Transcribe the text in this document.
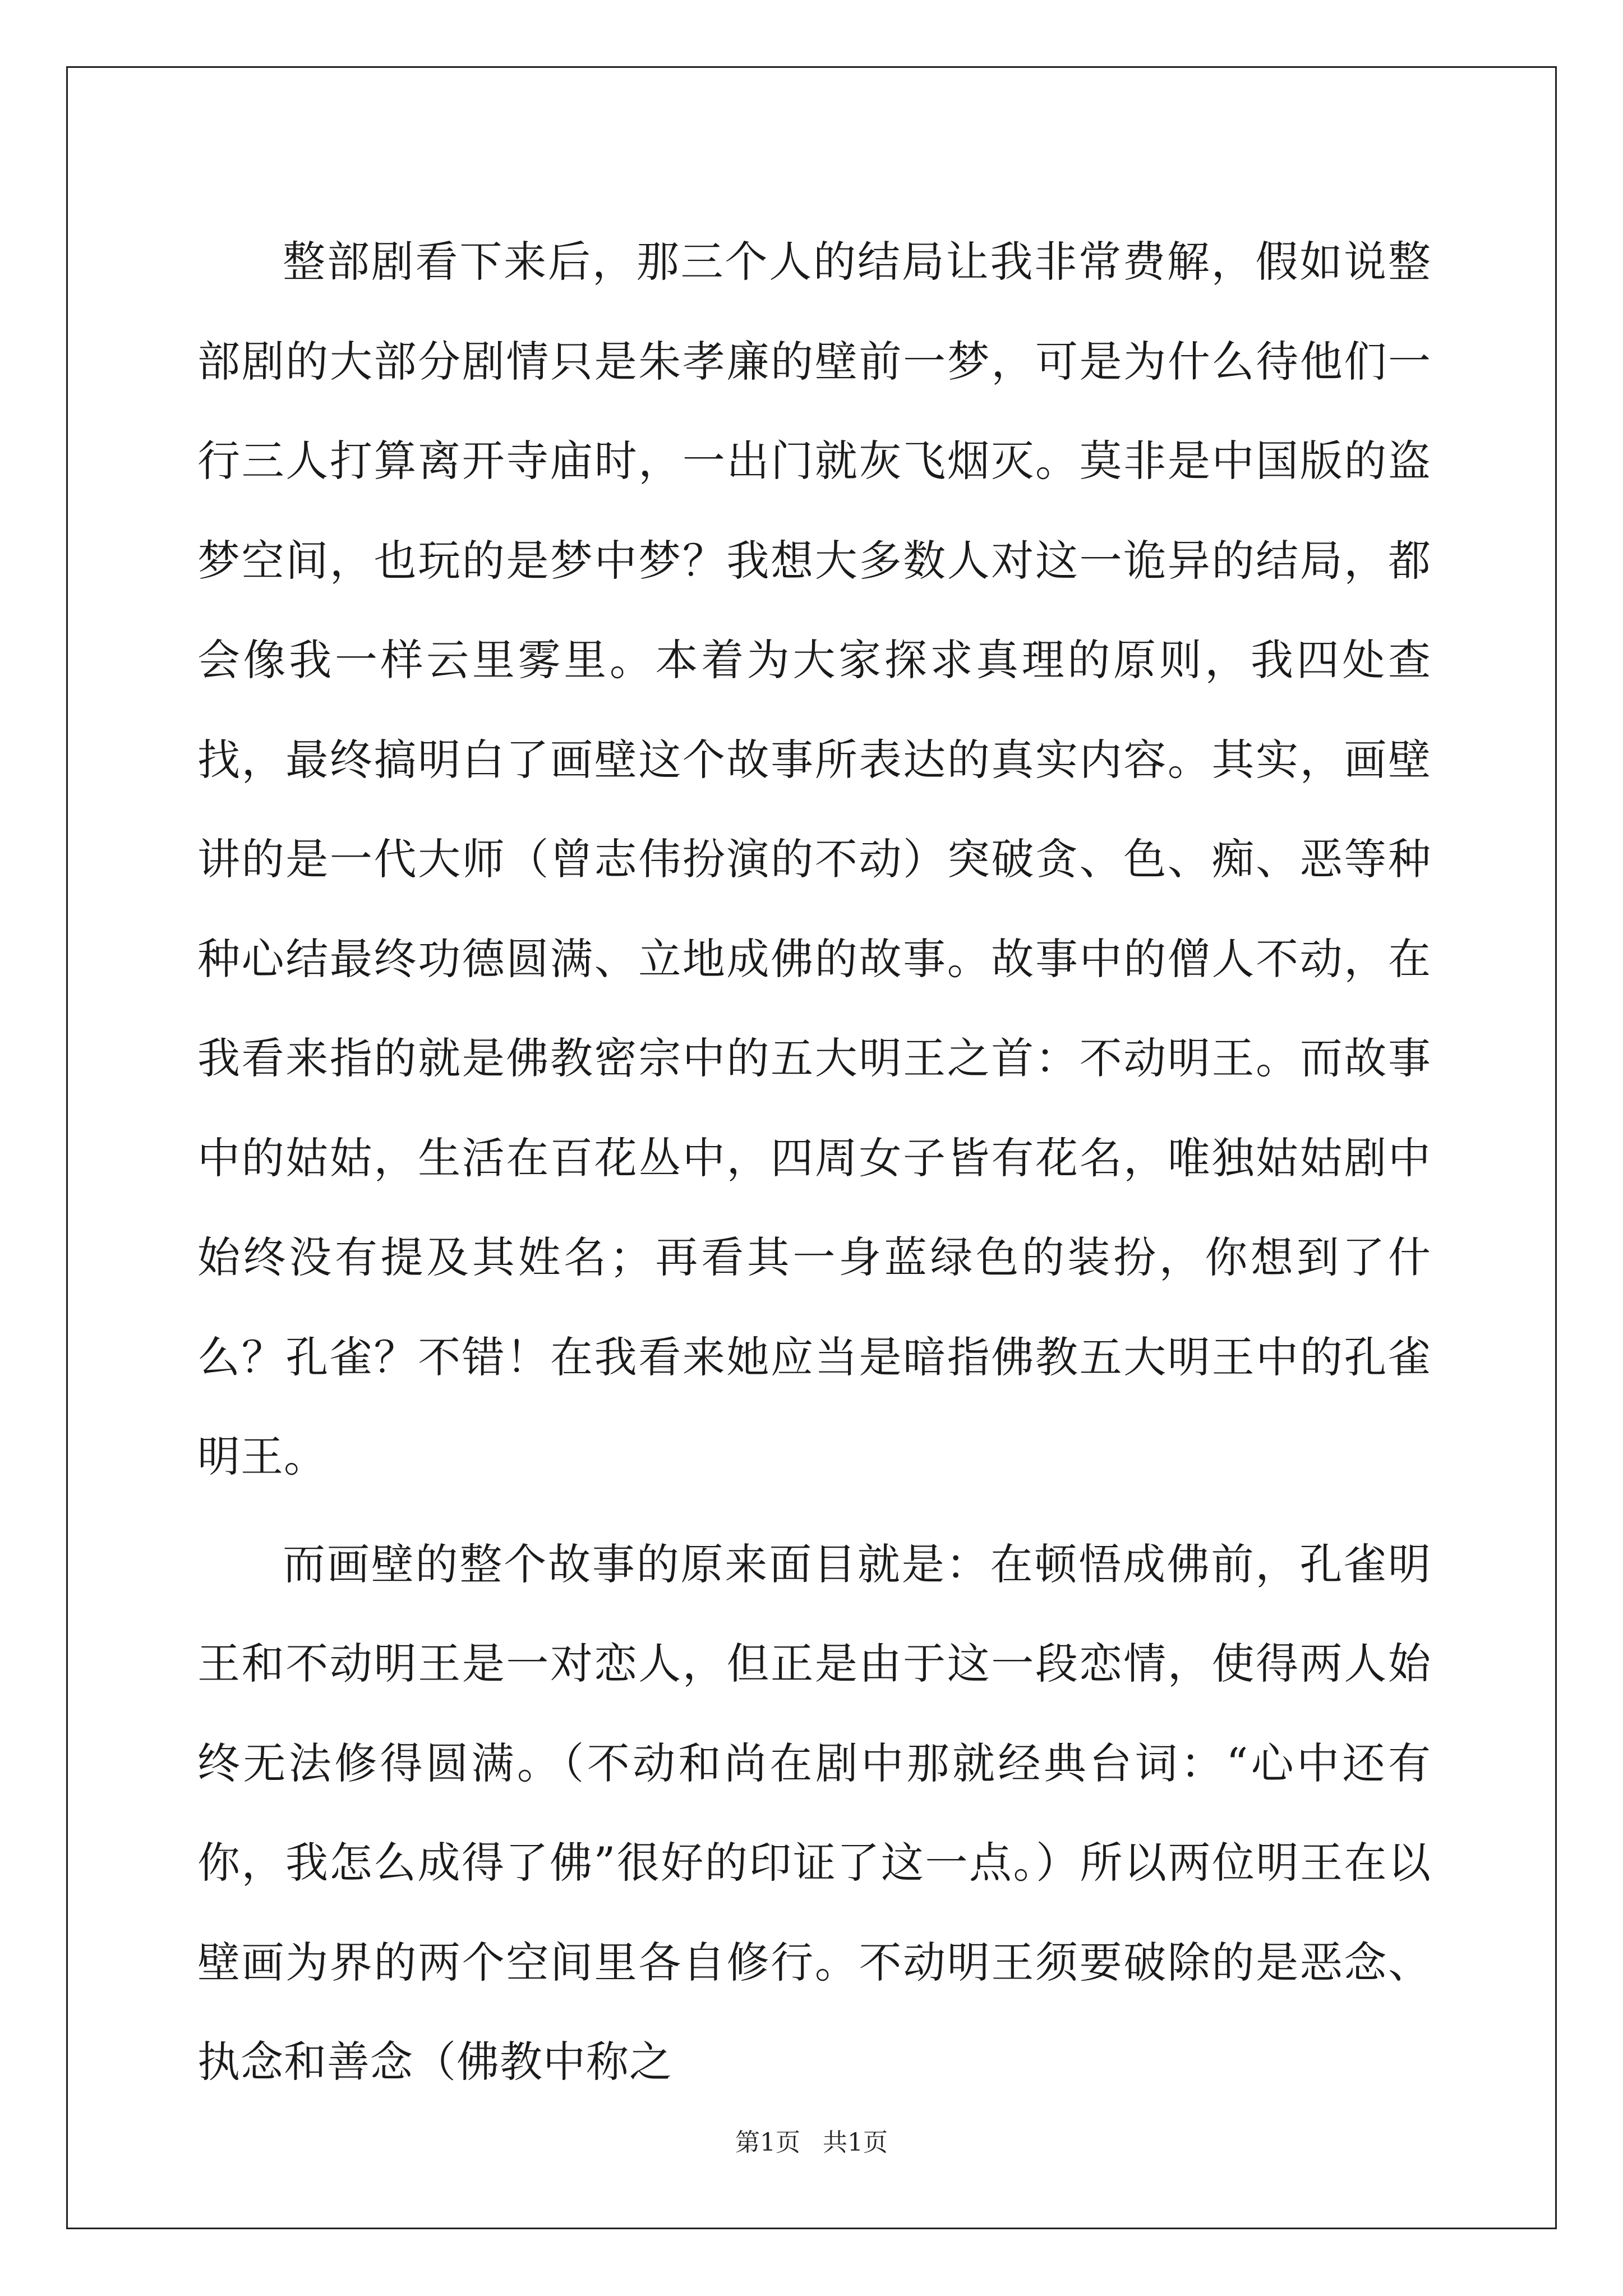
整部剧看下来后，那三个人的结局让我非常费解，假如说整部剧的大部分剧情只是朱孝廉的壁前一梦，可是为什么待他们一行三人打算离开寺庙时，一出门就灰飞烟灭。莫非是中国版的盗梦空间，也玩的是梦中梦？我想大多数人对这一诡异的结局，都会像我一样云里雾里。本着为大家探求真理的原则，我四处查找，最终搞明白了画壁这个故事所表达的真实内容。其实，画壁讲的是一代大师（曾志伟扮演的不动）突破贪、色、痴、恶等种种心结最终功德圆满、立地成佛的故事。故事中的僧人不动，在我看来指的就是佛教密宗中的五大明王之首：不动明王。而故事中的姑姑，生活在百花丛中，四周女子皆有花名，唯独姑姑剧中始终没有提及其姓名；再看其一身蓝绿色的装扮，你想到了什么？孔雀？不错！在我看来她应当是暗指佛教五大明王中的孔雀明王。

而画壁的整个故事的原来面目就是：在顿悟成佛前，孔雀明王和不动明王是一对恋人，但正是由于这一段恋情，使得两人始终无法修得圆满。（不动和尚在剧中那就经典台词：“心中还有你，我怎么成得了佛”很好的印证了这一点。）所以两位明王在以壁画为界的两个空间里各自修行。不动明王须要破除的是恶念、执念和善念（佛教中称之

第1页 共1页
